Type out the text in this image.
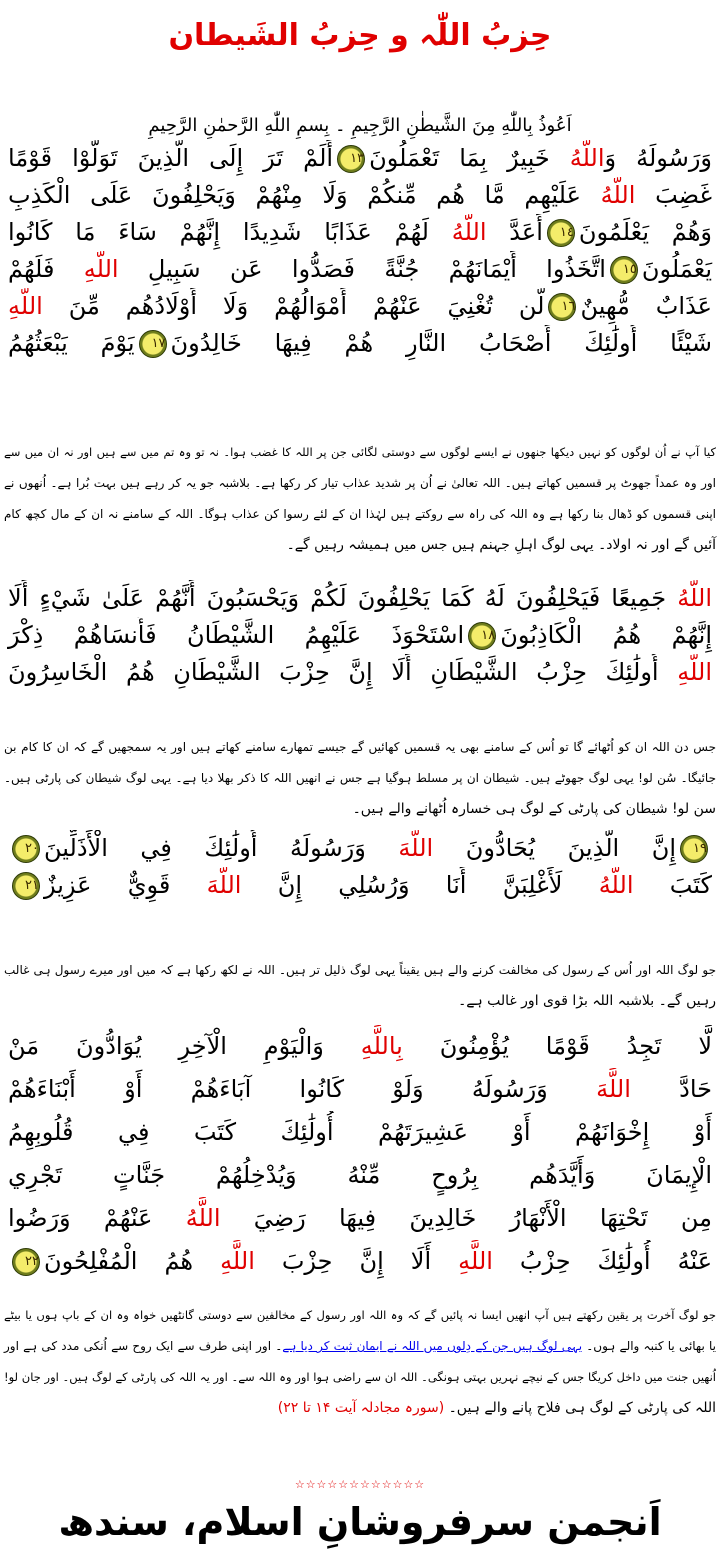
حِزبُ اللّٰہ و حِزبُ الشَیطان
اَعُوذُ بِاللّٰهِ مِنَ الشَّیطٰنِ الرَّجِیمِ ۔ بِسمِ اللّٰهِ الرَّحمٰنِ الرَّحِیمِ
وَرَسُولَهُ وَاللَّهُ خَبِيرٌ بِمَا تَعْمَلُونَ١٣أَلَمْ تَرَ إِلَى الَّذِينَ تَوَلَّوْا قَوْمًا
غَضِبَ اللَّهُ عَلَيْهِم مَّا هُم مِّنكُمْ وَلَا مِنْهُمْ وَيَحْلِفُونَ عَلَى الْكَذِبِ
وَهُمْ يَعْلَمُونَ١٤أَعَدَّ اللَّهُ لَهُمْ عَذَابًا شَدِيدًا إِنَّهُمْ سَاءَ مَا كَانُوا
يَعْمَلُونَ١٥اتَّخَذُوا أَيْمَانَهُمْ جُنَّةً فَصَدُّوا عَن سَبِيلِ اللَّهِ فَلَهُمْ
عَذَابٌ مُّهِينٌ١٦لَّن تُغْنِيَ عَنْهُمْ أَمْوَالُهُمْ وَلَا أَوْلَادُهُم مِّنَ اللَّهِ
شَيْئًا أُولَٰئِكَ أَصْحَابُ النَّارِ هُمْ فِيهَا خَالِدُونَ١٧يَوْمَ يَبْعَثُهُمُ
کیا آپ نے اُن لوگوں کو نہیں دیکھا جنھوں نے ایسے لوگوں سے دوستی لگائی جن پر اللہ کا غضب ہوا۔ نہ تو وہ تم میں سے ہیں اور نہ ان میں سے
اور وہ عمداً جھوٹ پر قسمیں کھاتے ہیں۔ اللہ تعالیٰ نے اُن پر شدید عذاب تیار کر رکھا ہے۔ بلاشبہ جو یہ کر رہے ہیں بہت بُرا ہے۔ اُنھوں نے
اپنی قسموں کو ڈھال بنا رکھا ہے وہ اللہ کی راہ سے روکتے ہیں لہٰذا ان کے لئے رسوا کن عذاب ہوگا۔ اللہ کے سامنے نہ ان کے مال کچھ کام
آئیں گے اور نہ اولاد۔ یہی لوگ اہلِ جہنم ہیں جس میں ہمیشہ رہیں گے۔
اللَّهُ جَمِيعًا فَيَحْلِفُونَ لَهُ كَمَا يَحْلِفُونَ لَكُمْ وَيَحْسَبُونَ أَنَّهُمْ عَلَىٰ شَيْءٍ أَلَا
إِنَّهُمْ هُمُ الْكَاذِبُونَ١٨اسْتَحْوَذَ عَلَيْهِمُ الشَّيْطَانُ فَأَنسَاهُمْ ذِكْرَ
اللَّهِ أُولَٰئِكَ حِزْبُ الشَّيْطَانِ أَلَا إِنَّ حِزْبَ الشَّيْطَانِ هُمُ الْخَاسِرُونَ
جس دن اللہ ان کو اُٹھائے گا تو اُس کے سامنے بھی یہ قسمیں کھائیں گے جیسے تمھارے سامنے کھاتے ہیں اور یہ سمجھیں گے کہ ان کا کام بن
جائیگا۔ سُن لو! یہی لوگ جھوٹے ہیں۔ شیطان ان پر مسلط ہوگیا ہے جس نے انھیں اللہ کا ذکر بھلا دیا ہے۔ یہی لوگ شیطان کی پارٹی ہیں۔
سن لو! شیطان کی پارٹی کے لوگ ہی خسارہ اُٹھانے والے ہیں۔
١٩إِنَّ الَّذِينَ يُحَادُّونَ اللَّهَ وَرَسُولَهُ أُولَٰئِكَ فِي الْأَذَلِّينَ٢٠
كَتَبَ اللَّهُ لَأَغْلِبَنَّ أَنَا وَرُسُلِي إِنَّ اللَّهَ قَوِيٌّ عَزِيزٌ٢١
جو لوگ اللہ اور اُس کے رسول کی مخالفت کرنے والے ہیں یقیناً یہی لوگ ذلیل تر ہیں۔ اللہ نے لکھ رکھا ہے کہ میں اور میرے رسول ہی غالب
رہیں گے۔ بلاشبہ اللہ بڑا قوی اور غالب ہے۔
لَّا تَجِدُ قَوْمًا يُؤْمِنُونَ بِاللَّهِ وَالْيَوْمِ الْآخِرِ يُوَادُّونَ مَنْ
حَادَّ اللَّهَ وَرَسُولَهُ وَلَوْ كَانُوا آبَاءَهُمْ أَوْ أَبْنَاءَهُمْ
أَوْ إِخْوَانَهُمْ أَوْ عَشِيرَتَهُمْ أُولَٰئِكَ كَتَبَ فِي قُلُوبِهِمُ
الْإِيمَانَ وَأَيَّدَهُم بِرُوحٍ مِّنْهُ وَيُدْخِلُهُمْ جَنَّاتٍ تَجْرِي
مِن تَحْتِهَا الْأَنْهَارُ خَالِدِينَ فِيهَا رَضِيَ اللَّهُ عَنْهُمْ وَرَضُوا
عَنْهُ أُولَٰئِكَ حِزْبُ اللَّهِ أَلَا إِنَّ حِزْبَ اللَّهِ هُمُ الْمُفْلِحُونَ٢٢
جو لوگ آخرت پر یقین رکھتے ہیں آپ انھیں ایسا نہ پائیں گے کہ وہ اللہ اور رسول کے مخالفین سے دوستی گانٹھیں خواہ وہ ان کے باپ ہوں یا بیٹے
یا بھائی یا کنبہ والے ہوں۔ یہی لوگ ہیں جن کے دِلوں میں اللہ نے ایمان ثبت کر دیا ہے۔ اور اپنی طرف سے ایک روح سے اُنکی مدد کی ہے اور
اُنھیں جنت میں داخل کریگا جس کے نیچے نہریں بہتی ہونگی۔ اللہ ان سے راضی ہوا اور وہ اللہ سے۔ اور یہ اللہ کی پارٹی کے لوگ ہیں۔ اور جان لو!
اللہ کی پارٹی کے لوگ ہی فلاح پانے والے ہیں۔ (سورہ مجادلہ آیت ۱۴ تا ۲۲)
☆☆☆☆☆☆☆☆☆☆☆☆
اَنجمن سرفروشانِ اسلام، سندھ
